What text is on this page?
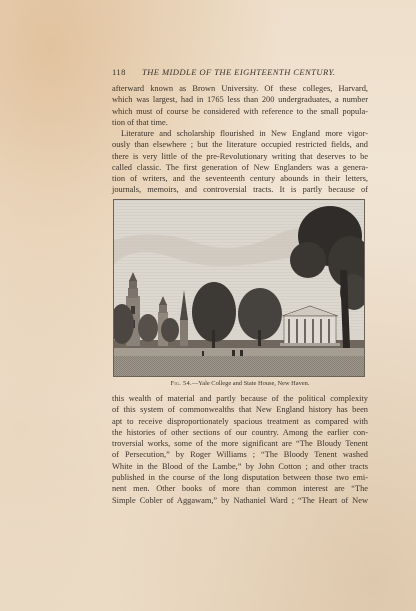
118 THE MIDDLE OF THE EIGHTEENTH CENTURY.
afterward known as Brown University. Of these colleges, Harvard,
which was largest, had in 1765 less than 200 undergraduates, a number
which must of course be considered with reference to the small popula-
tion of that time.
Literature and scholarship flourished in New England more vigor-
ously than elsewhere ; but the literature occupied restricted fields, and
there is very little of the pre-Revolutionary writing that deserves to be
called classic. The first generation of New Englanders was a genera-
tion of writers, and the seventeenth century abounds in their letters,
journals, memoirs, and controversial tracts. It is partly because of
Fig. 54.—Yale College and State House, New Haven.
this wealth of material and partly because of the political complexity
of this system of commonwealths that New England history has been
apt to receive disproportionately spacious treatment as compared with
the histories of other sections of our country. Among the earlier con-
troversial works, some of the more significant are “The Bloudy Tenent
of Persecution,” by Roger Williams ; “The Bloody Tenent washed
White in the Blood of the Lambe,” by John Cotton ; and other tracts
published in the course of the long disputation between those two emi-
nent men. Other books of more than common interest are “The
Simple Cobler of Aggawam,” by Nathaniel Ward ; “The Heart of New
